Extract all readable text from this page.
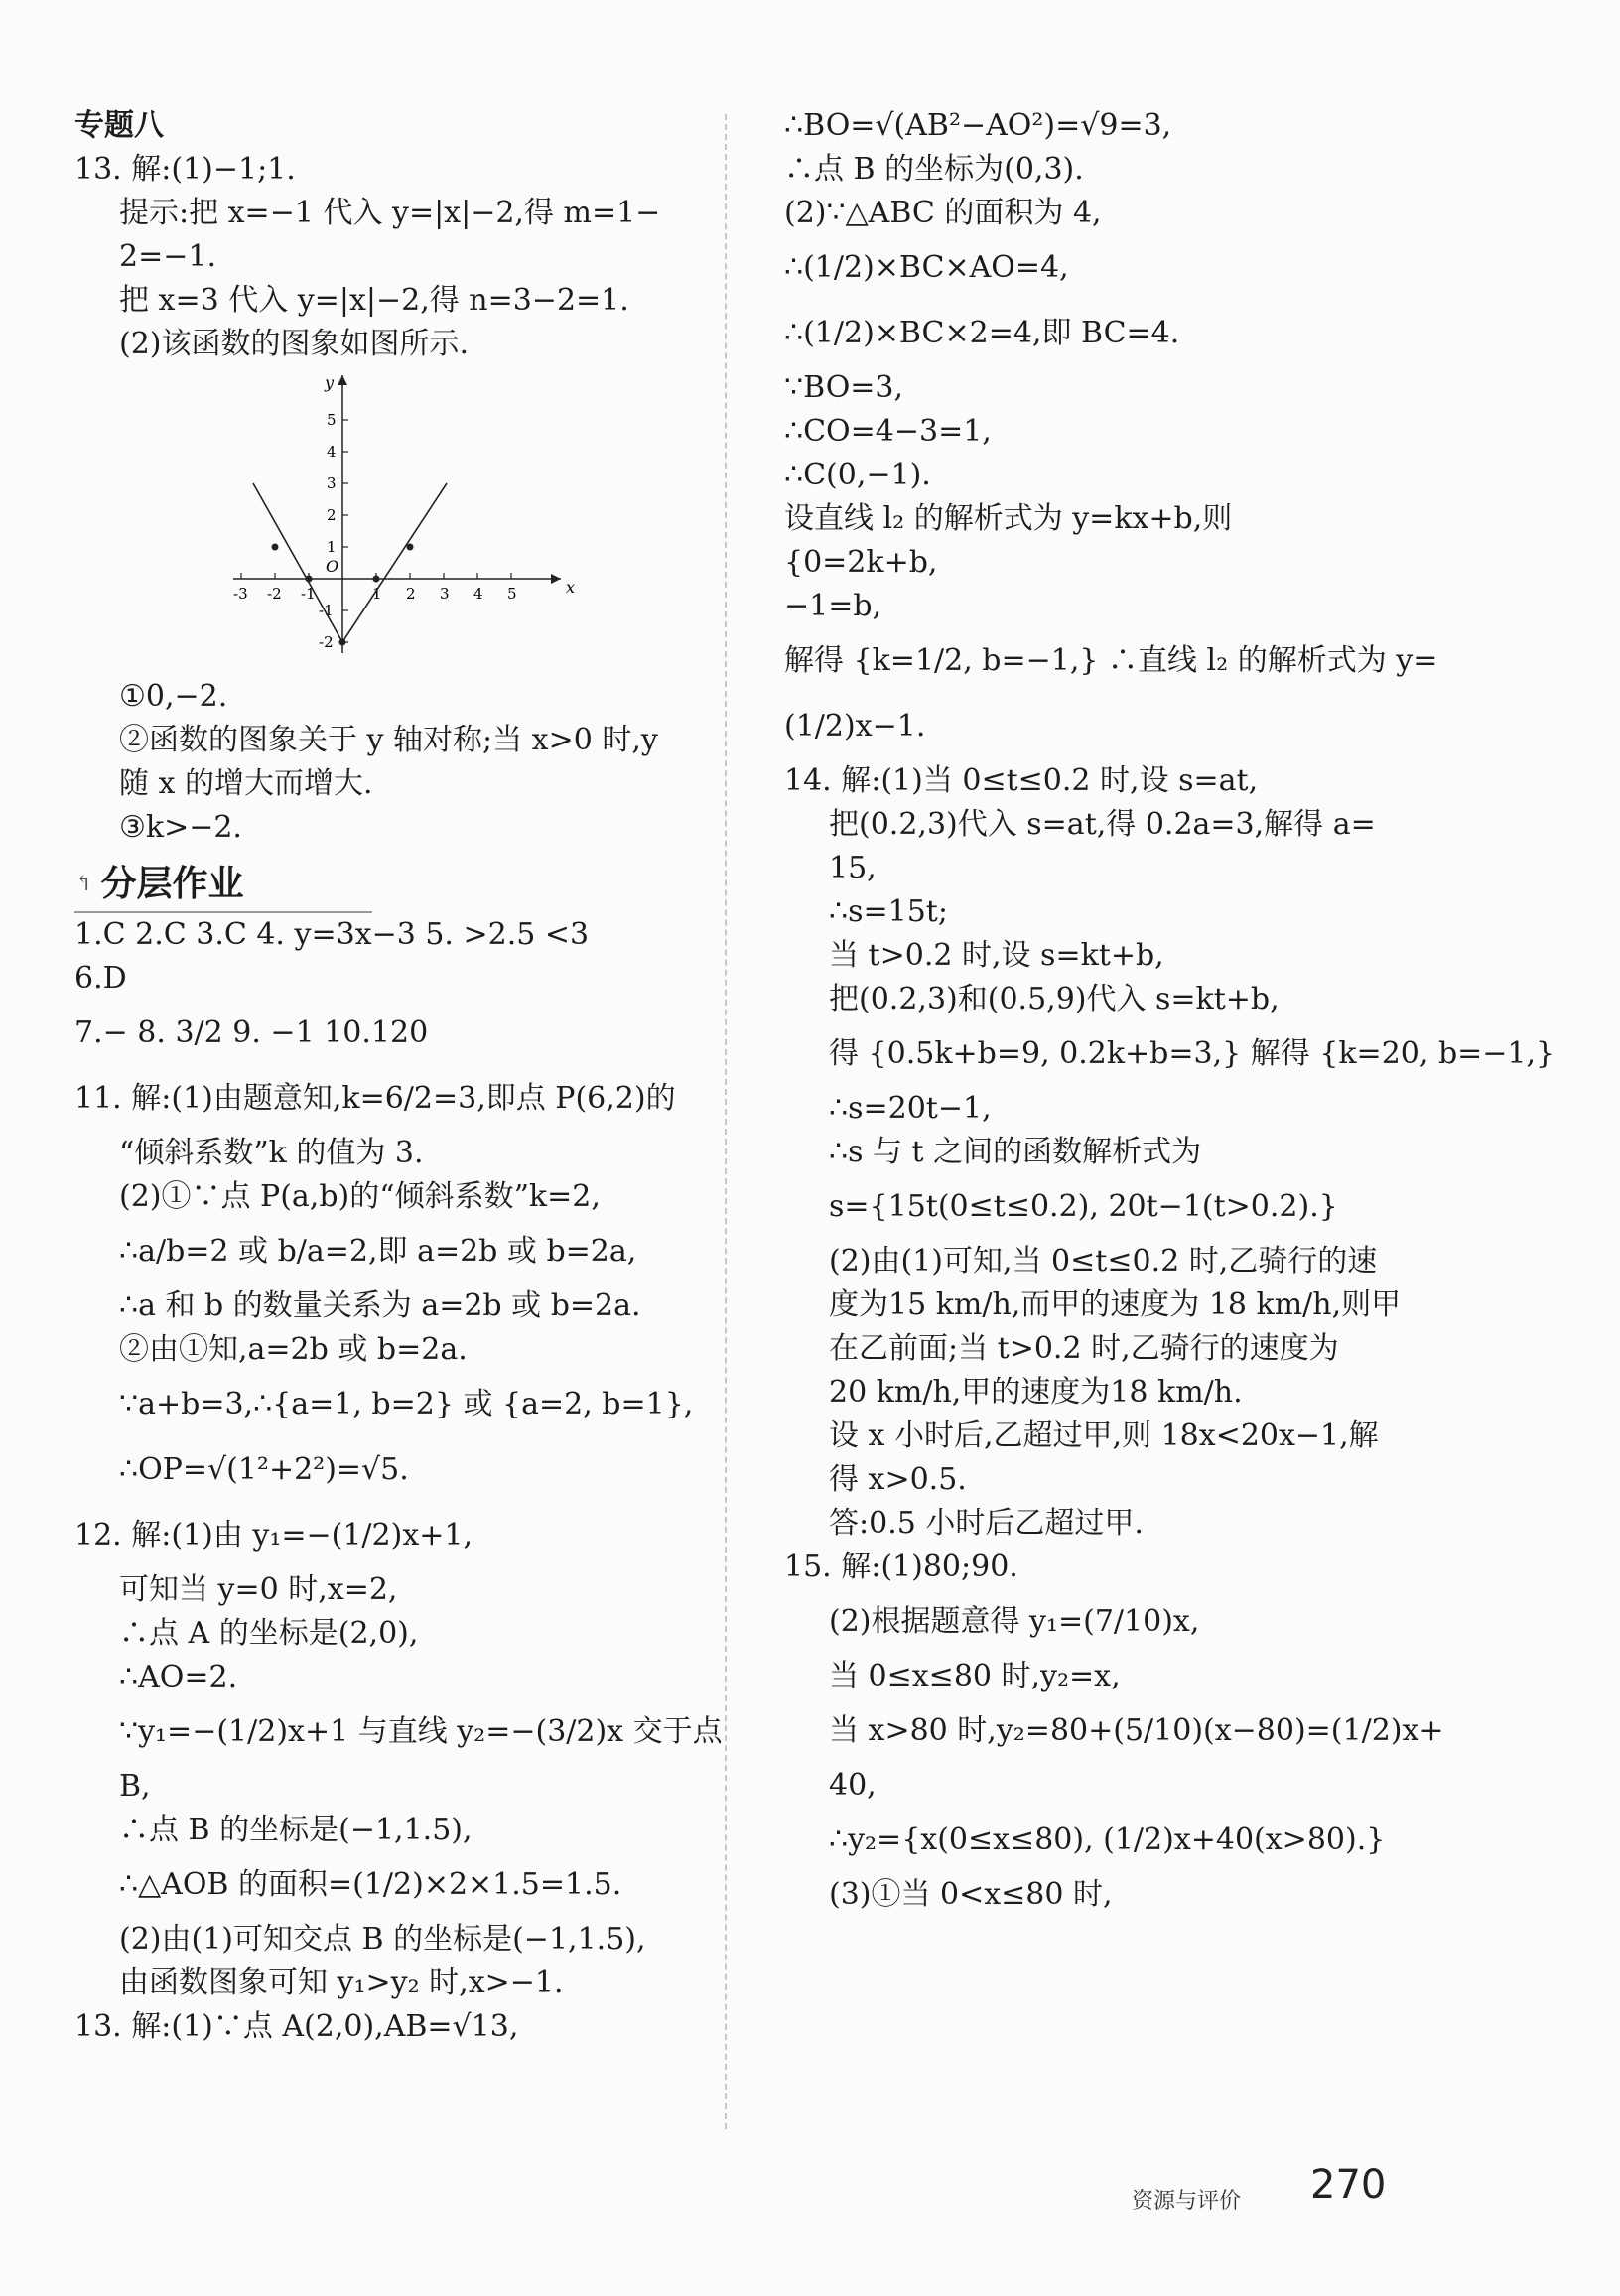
专题八

13. 解:(1)−1;1.

提示:把 x=−1 代入 y=|x|−2,得 m=1−

2=−1.

把 x=3 代入 y=|x|−2,得 n=3−2=1.

(2)该函数的图象如图所示.

x
y
O
-3 -2 -1	1 2 3 4 5
5
4
3
2
1
-1
-2

①0,−2.

②函数的图象关于 y 轴对称;当 x>0 时,y

随 x 的增大而增大.

③k>−2.

↰ 分层作业

1.C 2.C 3.C 4. y=3x−3 5. >2.5 <3

6.D

7.− 8. 3/2 9. −1 10.120

11. 解:(1)由题意知,k=6/2=3,即点 P(6,2)的

“倾斜系数”k 的值为 3.

(2)①∵点 P(a,b)的“倾斜系数”k=2,

∴a/b=2 或 b/a=2,即 a=2b 或 b=2a,

∴a 和 b 的数量关系为 a=2b 或 b=2a.

②由①知,a=2b 或 b=2a.

∵a+b=3,∴{a=1, b=2} 或 {a=2, b=1},

∴OP=√(1²+2²)=√5.

12. 解:(1)由 y₁=−(1/2)x+1,

可知当 y=0 时,x=2,

∴点 A 的坐标是(2,0),

∴AO=2.

∵y₁=−(1/2)x+1 与直线 y₂=−(3/2)x 交于点

B,

∴点 B 的坐标是(−1,1.5),

∴△AOB 的面积=(1/2)×2×1.5=1.5.

(2)由(1)可知交点 B 的坐标是(−1,1.5),

由函数图象可知 y₁>y₂ 时,x>−1.

13. 解:(1)∵点 A(2,0),AB=√13,

∴BO=√(AB²−AO²)=√9=3,

∴点 B 的坐标为(0,3).

(2)∵△ABC 的面积为 4,

∴(1/2)×BC×AO=4,

∴(1/2)×BC×2=4,即 BC=4.

∵BO=3,

∴CO=4−3=1,

∴C(0,−1).

设直线 l₂ 的解析式为 y=kx+b,则

{0=2k+b,

−1=b,

解得 {k=1/2, b=−1,} ∴直线 l₂ 的解析式为 y=

(1/2)x−1.

14. 解:(1)当 0≤t≤0.2 时,设 s=at,

把(0.2,3)代入 s=at,得 0.2a=3,解得 a=

15,

∴s=15t;

当 t>0.2 时,设 s=kt+b,

把(0.2,3)和(0.5,9)代入 s=kt+b,

得 {0.5k+b=9, 0.2k+b=3,} 解得 {k=20, b=−1,}

∴s=20t−1,

∴s 与 t 之间的函数解析式为

s={15t(0≤t≤0.2), 20t−1(t>0.2).}

(2)由(1)可知,当 0≤t≤0.2 时,乙骑行的速

度为15 km/h,而甲的速度为 18 km/h,则甲

在乙前面;当 t>0.2 时,乙骑行的速度为

20 km/h,甲的速度为18 km/h.

设 x 小时后,乙超过甲,则 18x<20x−1,解

得 x>0.5.

答:0.5 小时后乙超过甲.

15. 解:(1)80;90.

(2)根据题意得 y₁=(7/10)x,

当 0≤x≤80 时,y₂=x,

当 x>80 时,y₂=80+(5/10)(x−80)=(1/2)x+

40,

∴y₂={x(0≤x≤80), (1/2)x+40(x>80).}

(3)①当 0<x≤80 时,

资源与评价 270
